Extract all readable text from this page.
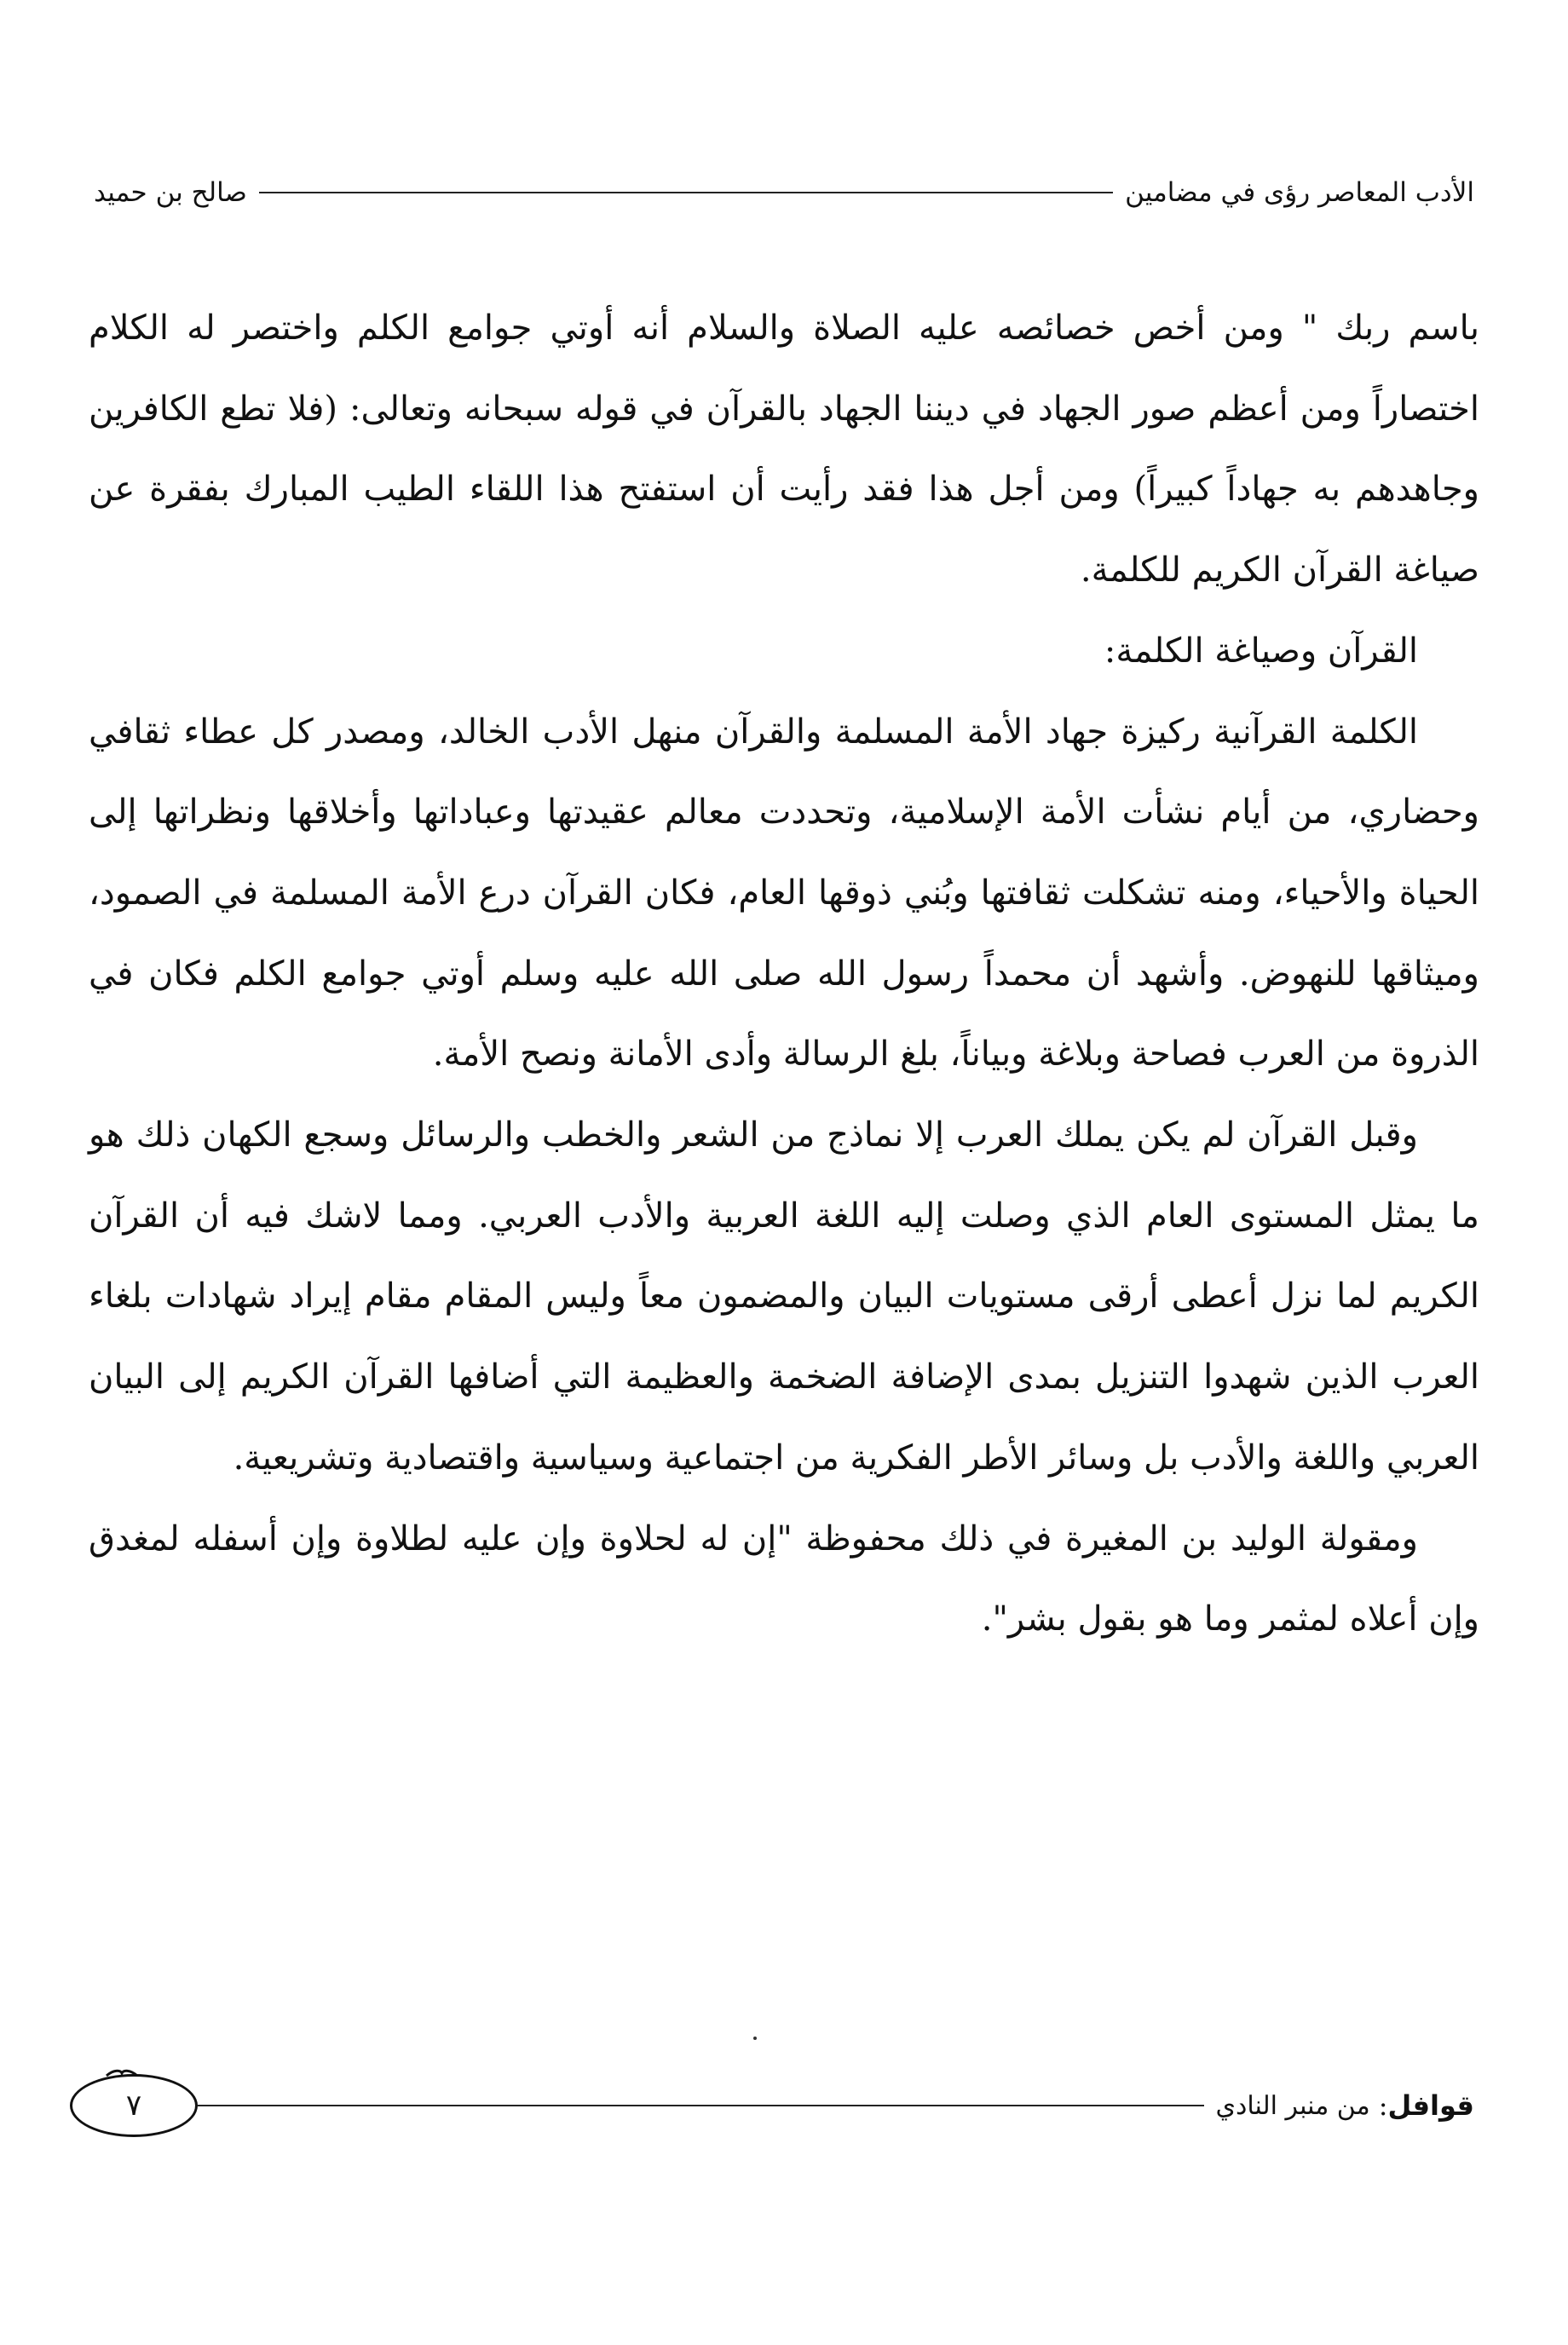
الأدب المعاصر رؤى في مضامين
صالح بن حميد

باسم ربك " ومن أخص خصائصه عليه الصلاة والسلام أنه أوتي جوامع الكلم واختصر له الكلام اختصاراً ومن أعظم صور الجهاد في ديننا الجهاد بالقرآن في قوله سبحانه وتعالى: (فلا تطع الكافرين وجاهدهم به جهاداً كبيراً) ومن أجل هذا فقد رأيت أن استفتح هذا اللقاء الطيب المبارك بفقرة عن صياغة القرآن الكريم للكلمة.

القرآن وصياغة الكلمة:

الكلمة القرآنية ركيزة جهاد الأمة المسلمة والقرآن منهل الأدب الخالد، ومصدر كل عطاء ثقافي وحضاري، من أيام نشأت الأمة الإسلامية، وتحددت معالم عقيدتها وعباداتها وأخلاقها ونظراتها إلى الحياة والأحياء، ومنه تشكلت ثقافتها وبُني ذوقها العام، فكان القرآن درع الأمة المسلمة في الصمود، وميثاقها للنهوض. وأشهد أن محمداً رسول الله صلى الله عليه وسلم أوتي جوامع الكلم فكان في الذروة من العرب فصاحة وبلاغة وبياناً، بلغ الرسالة وأدى الأمانة ونصح الأمة.

وقبل القرآن لم يكن يملك العرب إلا نماذج من الشعر والخطب والرسائل وسجع الكهان ذلك هو ما يمثل المستوى العام الذي وصلت إليه اللغة العربية والأدب العربي. ومما لاشك فيه أن القرآن الكريم لما نزل أعطى أرقى مستويات البيان والمضمون معاً وليس المقام مقام إيراد شهادات بلغاء العرب الذين شهدوا التنزيل بمدى الإضافة الضخمة والعظيمة التي أضافها القرآن الكريم إلى البيان العربي واللغة والأدب بل وسائر الأطر الفكرية من اجتماعية وسياسية واقتصادية وتشريعية.

ومقولة الوليد بن المغيرة في ذلك محفوظة "إن له لحلاوة وإن عليه لطلاوة وإن أسفله لمغدق وإن أعلاه لمثمر وما هو بقول بشر".

قوافل
:
من منبر النادي
٧
